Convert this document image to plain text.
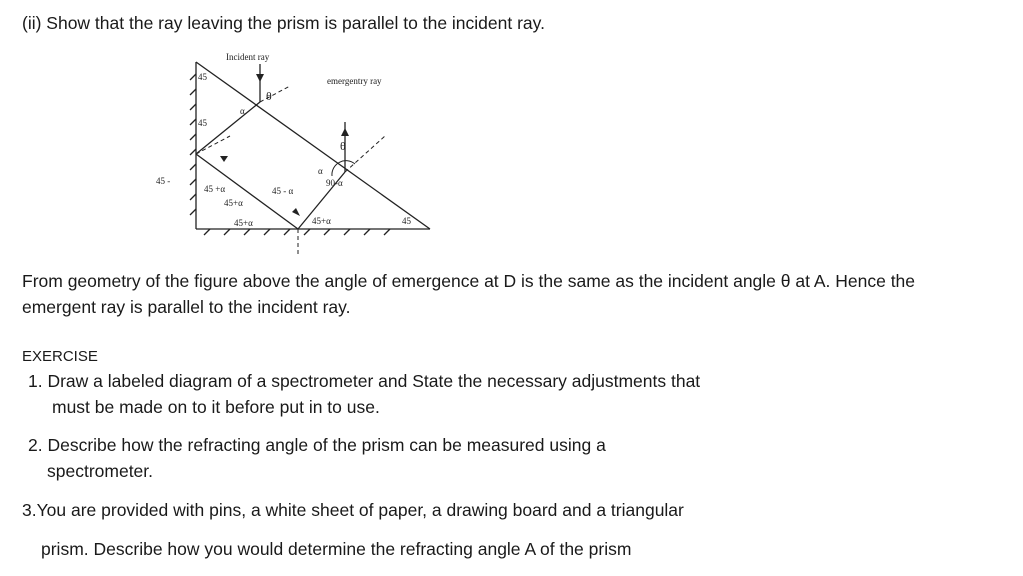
(ii) Show that the ray leaving the prism is parallel to the incident ray.
Incident ray
emergentry ray
45
45
45 -
45
α
α
45 +α
45+α
45+α
45 - α
90-α
45+α
θ
θ
From geometry of the figure above the angle of emergence at D is the same as the incident angle θ at A. Hence the
emergent ray is parallel to the incident ray.
EXERCISE
1. Draw a labeled diagram of a spectrometer and State the necessary adjustments that
must be made on to it before put in to use.
2. Describe how the refracting angle of the prism can be measured using a
spectrometer.
3.You are provided with pins, a white sheet of paper, a drawing board and a triangular
prism. Describe how you would determine the refracting angle A of the prism
